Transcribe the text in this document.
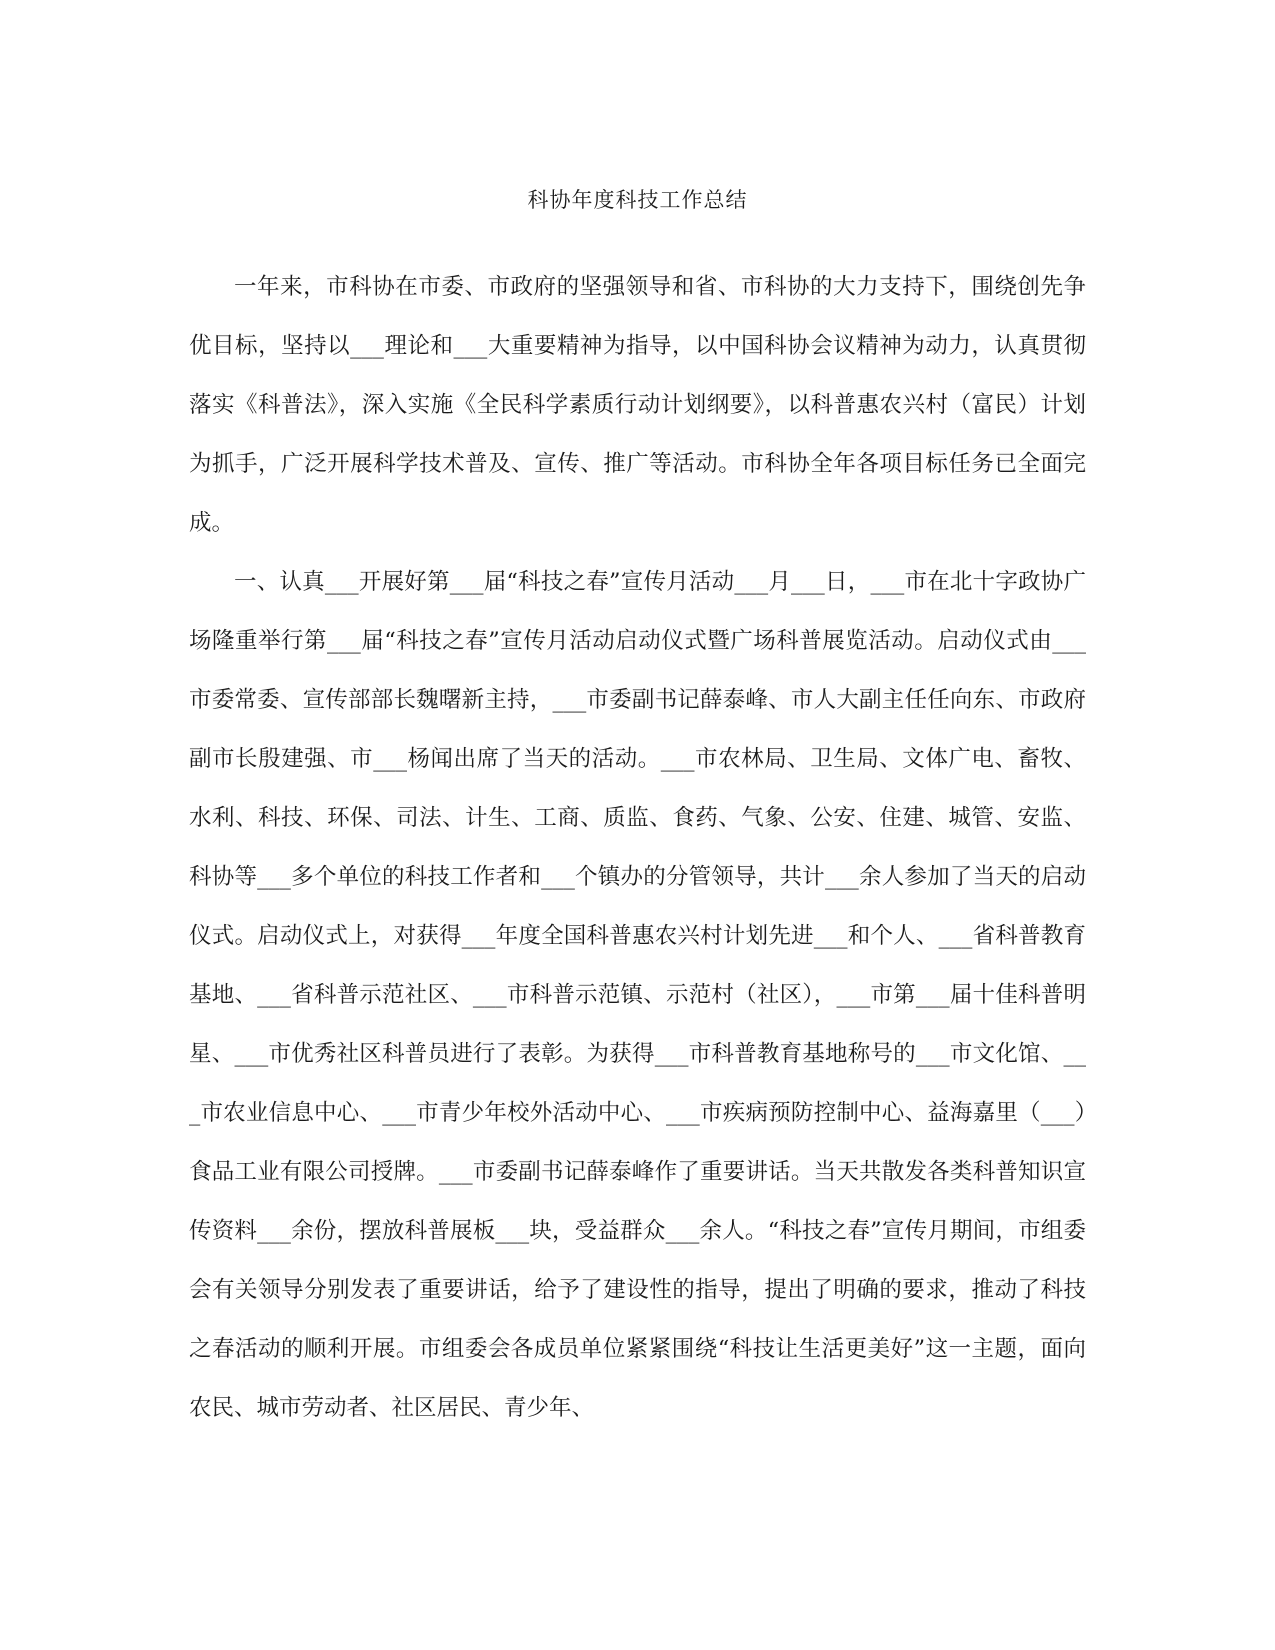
科协年度科技工作总结

一年来，市科协在市委、市政府的坚强领导和省、市科协的大力支持下，围绕创先争优目标，坚持以___理论和___大重要精神为指导，以中国科协会议精神为动力，认真贯彻落实《科普法》，深入实施《全民科学素质行动计划纲要》，以科普惠农兴村（富民）计划为抓手，广泛开展科学技术普及、宣传、推广等活动。市科协全年各项目标任务已全面完成。

一、认真___开展好第___届“科技之春”宣传月活动___月___日，___市在北十字政协广场隆重举行第___届“科技之春”宣传月活动启动仪式暨广场科普展览活动。启动仪式由___市委常委、宣传部部长魏曙新主持，___市委副书记薛泰峰、市人大副主任任向东、市政府副市长殷建强、市___杨闻出席了当天的活动。___市农林局、卫生局、文体广电、畜牧、水利、科技、环保、司法、计生、工商、质监、食药、气象、公安、住建、城管、安监、科协等___多个单位的科技工作者和___个镇办的分管领导，共计___余人参加了当天的启动仪式。启动仪式上，对获得___年度全国科普惠农兴村计划先进___和个人、___省科普教育基地、___省科普示范社区、___市科普示范镇、示范村（社区），___市第___届十佳科普明星、___市优秀社区科普员进行了表彰。为获得___市科普教育基地称号的___市文化馆、___市农业信息中心、___市青少年校外活动中心、___市疾病预防控制中心、益海嘉里（___）食品工业有限公司授牌。___市委副书记薛泰峰作了重要讲话。当天共散发各类科普知识宣传资料___余份，摆放科普展板___块，受益群众___余人。“科技之春”宣传月期间，市组委会有关领导分别发表了重要讲话，给予了建设性的指导，提出了明确的要求，推动了科技之春活动的顺利开展。市组委会各成员单位紧紧围绕“科技让生活更美好”这一主题，面向农民、城市劳动者、社区居民、青少年、
